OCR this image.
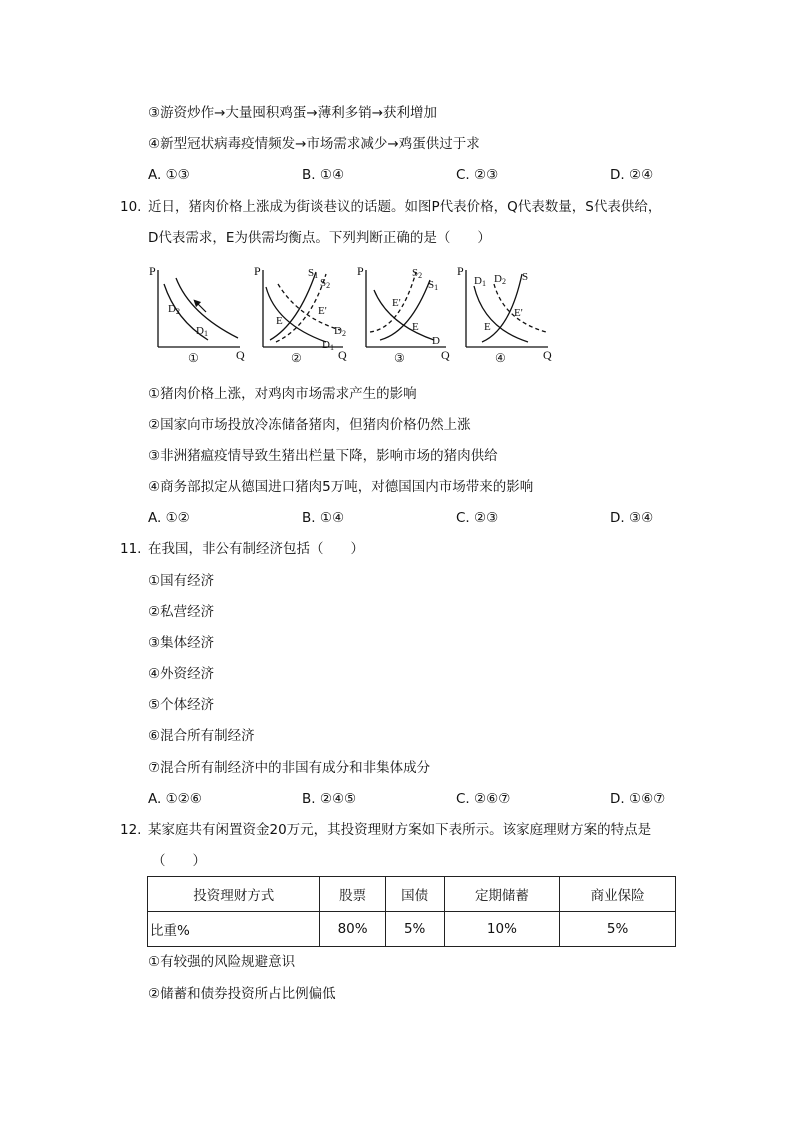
③游资炒作→大量囤积鸡蛋→薄利多销→获利增加
④新型冠状病毒疫情频发→市场需求减少→鸡蛋供过于求
A. ①③	B. ①④	C. ②③	D. ②④
10. 近日，猪肉价格上涨成为街谈巷议的话题。如图P代表价格，Q代表数量，S代表供给，
D代表需求，E为供需均衡点。下列判断正确的是（　　）
P
Q
D2
D1
①
P
Q
S1
S2
E
E'
D2
D1
②
P
Q
S2
S1
E'
E
D
③
P
Q
D1 D2 S
E
E'
④
①猪肉价格上涨，对鸡肉市场需求产生的影响
②国家向市场投放冷冻储备猪肉，但猪肉价格仍然上涨
③非洲猪瘟疫情导致生猪出栏量下降，影响市场的猪肉供给
④商务部拟定从德国进口猪肉5万吨，对德国国内市场带来的影响
A. ①②	B. ①④	C. ②③	D. ③④
11. 在我国，非公有制经济包括（　　）
①国有经济
②私营经济
③集体经济
④外资经济
⑤个体经济
⑥混合所有制经济
⑦混合所有制经济中的非国有成分和非集体成分
A. ①②⑥	B. ②④⑤	C. ②⑥⑦	D. ①⑥⑦
12. 某家庭共有闲置资金20万元，其投资理财方案如下表所示。该家庭理财方案的特点是
（　　）
投资理财方式	股票	国债	定期储蓄	商业保险
比重%	80%	5%	10%	5%
①有较强的风险规避意识
②储蓄和债券投资所占比例偏低
